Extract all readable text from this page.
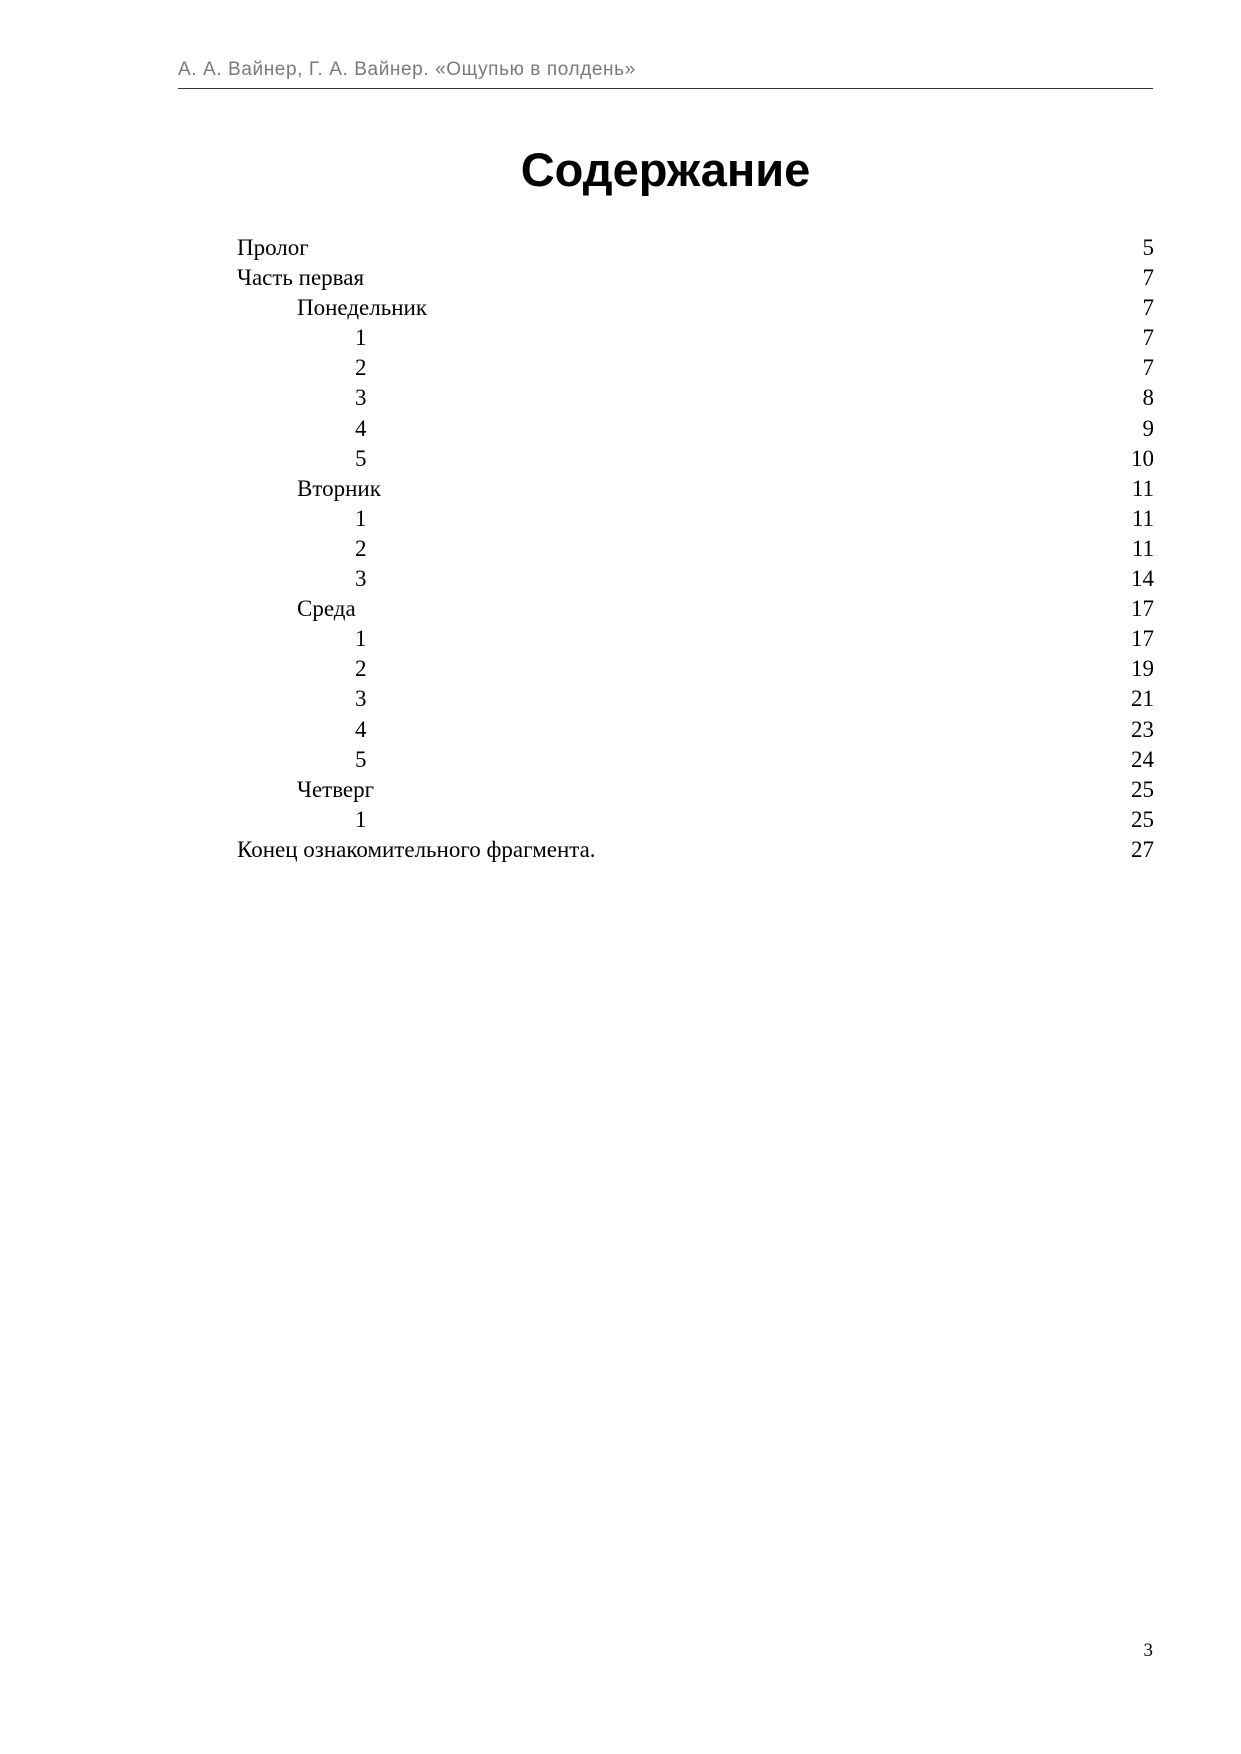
А. А. Вайнер, Г. А. Вайнер. «Ощупью в полдень»
Содержание
Пролог	5
Часть первая	7
Понедельник	7
1	7
2	7
3	8
4	9
5	10
Вторник	11
1	11
2	11
3	14
Среда	17
1	17
2	19
3	21
4	23
5	24
Четверг	25
1	25
Конец ознакомительного фрагмента.	27
3
